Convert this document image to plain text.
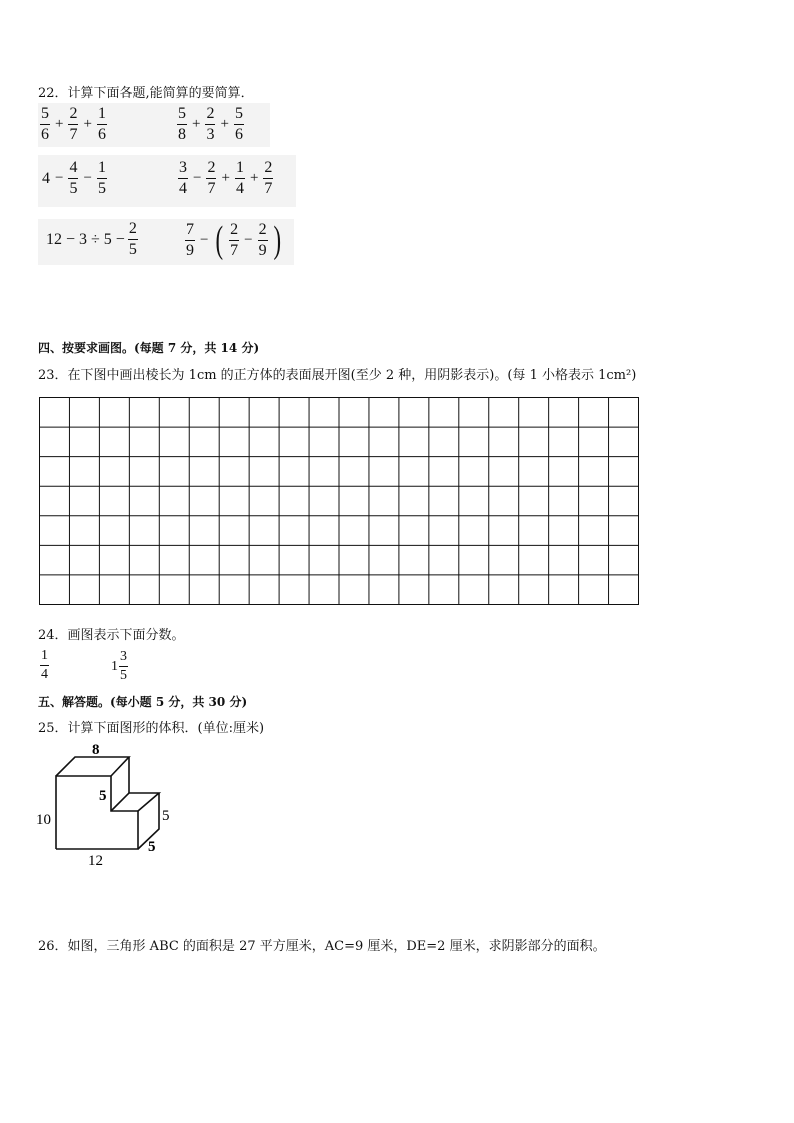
22．计算下面各题,能简算的要简算．
$\frac{5}{6} + \frac{2}{7} + \frac{1}{6}$	$\frac{5}{8} + \frac{2}{3} + \frac{5}{6}$
$4 - \frac{4}{5} - \frac{1}{5}$	$\frac{3}{4} - \frac{2}{7} + \frac{1}{4} + \frac{2}{7}$
$12 - 3 \div 5 - \frac{2}{5}$	$\frac{7}{9}$ − ( $\frac{2}{7} - \frac{2}{9}$ )
四、按要求画图。(每题 7 分，共 14 分)
23．在下图中画出棱长为 1cm 的正方体的表面展开图(至少 2 种，用阴影表示)。(每 1 小格表示 1cm²)
24．画图表示下面分数。
$\frac{1}{4}$	$1 \frac{3}{5}$
五、解答题。(每小题 5 分，共 30 分)
25．计算下面图形的体积．(单位:厘米)
8
10
12
5
5
5
26．如图，三角形 ABC 的面积是 27 平方厘米，AC=9 厘米，DE=2 厘米，求阴影部分的面积。
